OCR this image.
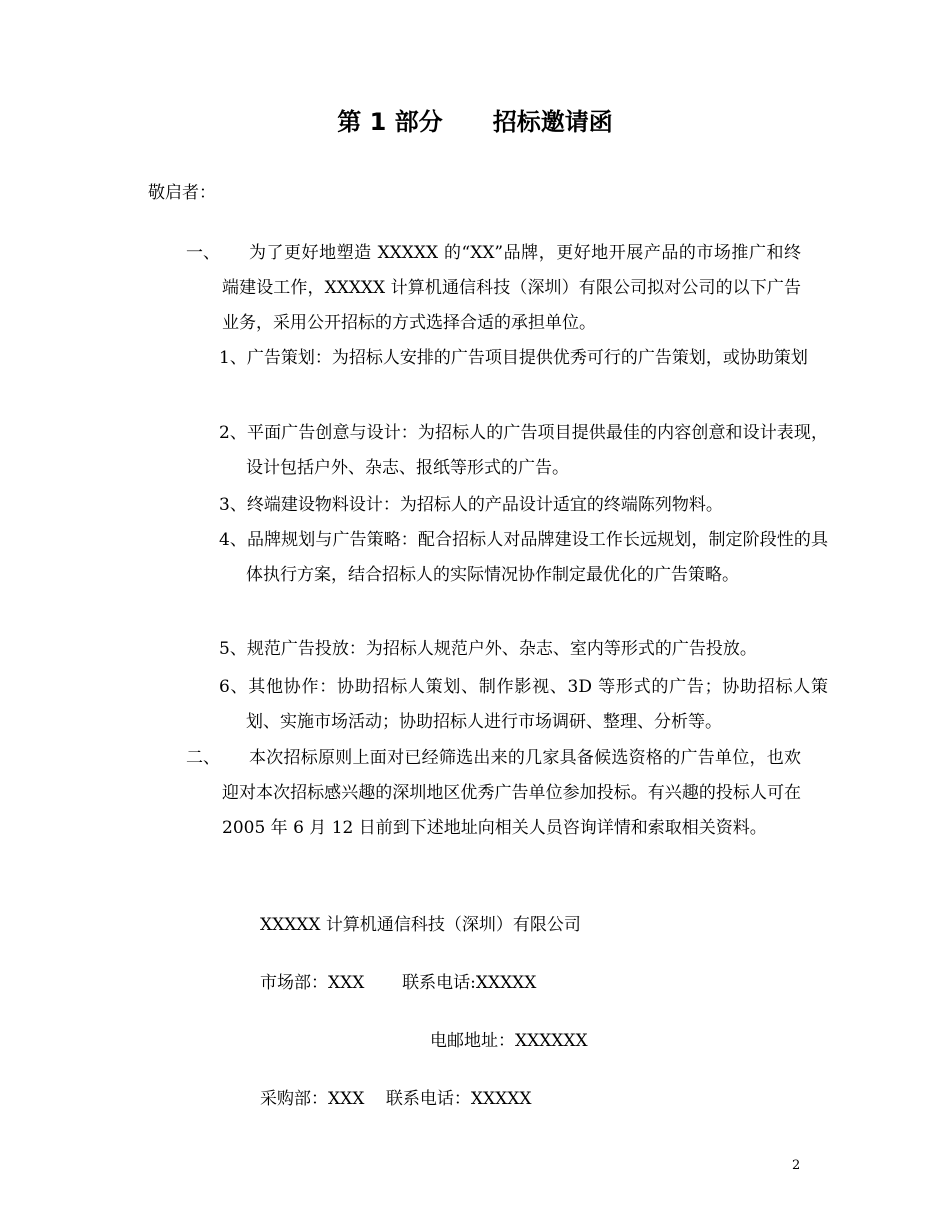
第 1 部分      招标邀请函
敬启者：
一、	为了更好地塑造 XXXXX 的“XX”品牌，更好地开展产品的市场推广和终端建设工作，XXXXX 计算机通信科技（深圳）有限公司拟对公司的以下广告业务，采用公开招标的方式选择合适的承担单位。
1、广告策划：为招标人安排的广告项目提供优秀可行的广告策划，或协助策划
2、平面广告创意与设计：为招标人的广告项目提供最佳的内容创意和设计表现，设计包括户外、杂志、报纸等形式的广告。
3、终端建设物料设计：为招标人的产品设计适宜的终端陈列物料。
4、品牌规划与广告策略：配合招标人对品牌建设工作长远规划，制定阶段性的具体执行方案，结合招标人的实际情况协作制定最优化的广告策略。
5、规范广告投放：为招标人规范户外、杂志、室内等形式的广告投放。
6、其他协作：协助招标人策划、制作影视、3D 等形式的广告；协助招标人策划、实施市场活动；协助招标人进行市场调研、整理、分析等。
二、	本次招标原则上面对已经筛选出来的几家具备候选资格的广告单位，也欢迎对本次招标感兴趣的深圳地区优秀广告单位参加投标。有兴趣的投标人可在 2005 年 6 月 12 日前到下述地址向相关人员咨询详情和索取相关资料。
XXXXX 计算机通信科技（深圳）有限公司
市场部：XXX       联系电话:XXXXX
电邮地址：XXXXXX
采购部：XXX    联系电话：XXXXX
2
